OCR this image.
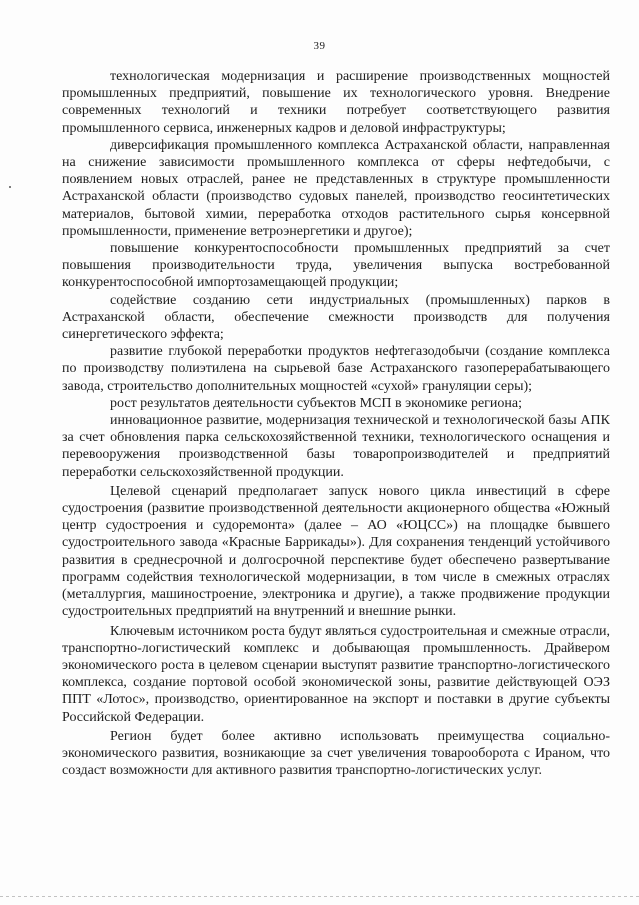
39

технологическая модернизация и расширение производственных мощностей промышленных предприятий, повышение их технологического уровня. Внедрение современных технологий и техники потребует соответствующего развития промышленного сервиса, инженерных кадров и деловой инфраструктуры;

диверсификация промышленного комплекса Астраханской области, направленная на снижение зависимости промышленного комплекса от сферы нефтедобычи, с появлением новых отраслей, ранее не представленных в структуре промышленности Астраханской области (производство судовых панелей, производство геосинтетических материалов, бытовой химии, переработка отходов растительного сырья консервной промышленности, применение ветроэнергетики и другое);

повышение конкурентоспособности промышленных предприятий за счет повышения производительности труда, увеличения выпуска востребованной конкурентоспособной импортозамещающей продукции;

содействие созданию сети индустриальных (промышленных) парков в Астраханской области, обеспечение смежности производств для получения синергетического эффекта;

развитие глубокой переработки продуктов нефтегазодобычи (создание комплекса по производству полиэтилена на сырьевой базе Астраханского газоперерабатывающего завода, строительство дополнительных мощностей «сухой» грануляции серы);

рост результатов деятельности субъектов МСП в экономике региона;

инновационное развитие, модернизация технической и технологической базы АПК за счет обновления парка сельскохозяйственной техники, технологического оснащения и перевооружения производственной базы товаропроизводителей и предприятий переработки сельскохозяйственной продукции.

Целевой сценарий предполагает запуск нового цикла инвестиций в сфере судостроения (развитие производственной деятельности акционерного общества «Южный центр судостроения и судоремонта» (далее – АО «ЮЦСС») на площадке бывшего судостроительного завода «Красные Баррикады»). Для сохранения тенденций устойчивого развития в среднесрочной и долгосрочной перспективе будет обеспечено развертывание программ содействия технологической модернизации, в том числе в смежных отраслях (металлургия, машиностроение, электроника и другие), а также продвижение продукции судостроительных предприятий на внутренний и внешние рынки.

Ключевым источником роста будут являться судостроительная и смежные отрасли, транспортно-логистический комплекс и добывающая промышленность. Драйвером экономического роста в целевом сценарии выступят развитие транспортно-логистического комплекса, создание портовой особой экономической зоны, развитие действующей ОЭЗ ППТ «Лотос», производство, ориентированное на экспорт и поставки в другие субъекты Российской Федерации.

Регион будет более активно использовать преимущества социально-экономического развития, возникающие за счет увеличения товарооборота с Ираном, что создаст возможности для активного развития транспортно-логистических услуг.
